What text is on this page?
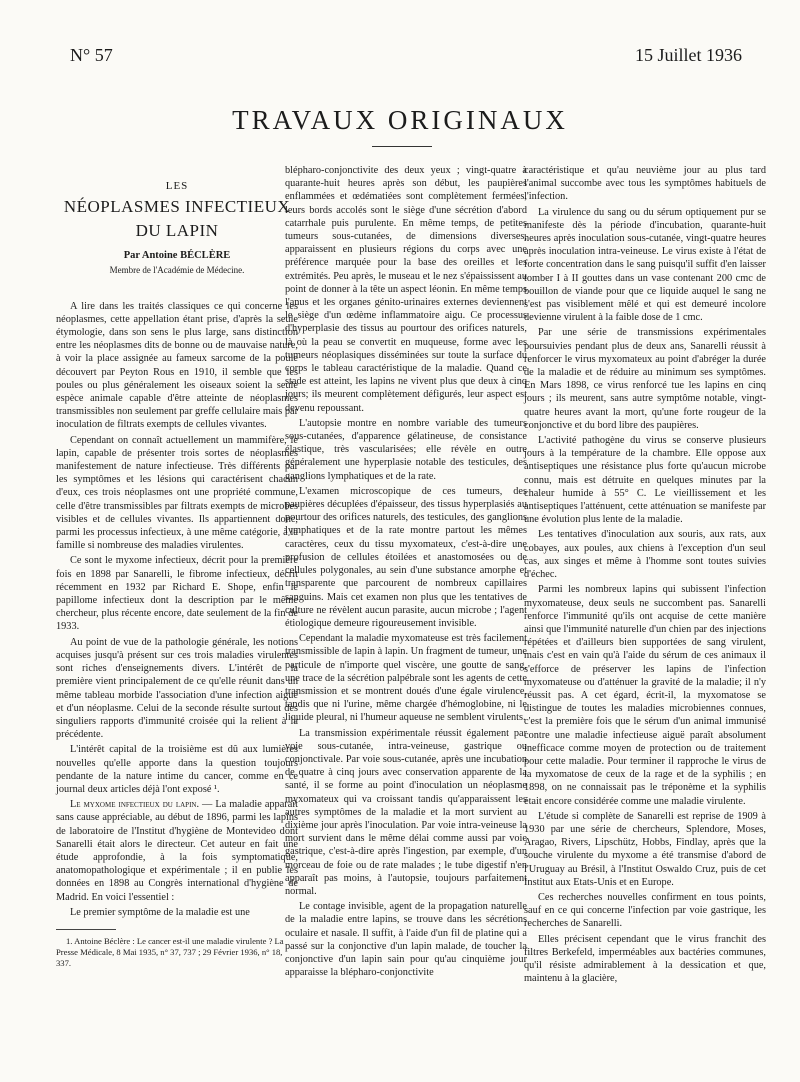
N° 57	15 Juillet 1936
TRAVAUX ORIGINAUX
LES
NÉOPLASMES INFECTIEUX
DU LAPIN
Par Antoine BÉCLÈRE
Membre de l'Académie de Médecine.

A lire dans les traités classiques ce qui concerne les néoplasmes, cette appellation étant prise, d'après la seule étymologie, dans son sens le plus large, sans distinction entre les néoplasmes dits de bonne ou de mauvaise nature, à voir la place assignée au fameux sarcome de la poule découvert par Peyton Rous en 1910, il semble que les poules ou plus généralement les oiseaux soient la seule espèce animale capable d'être atteinte de néoplasmes transmissibles non seulement par greffe cellulaire mais par inoculation de filtrats exempts de cellules vivantes.

Cependant on connaît actuellement un mammifère, le lapin, capable de présenter trois sortes de néoplasmes manifestement de nature infectieuse. Très différents par les symptômes et les lésions qui caractérisent chacun d'eux, ces trois néoplasmes ont une propriété commune, celle d'être transmissibles par filtrats exempts de microbes visibles et de cellules vivantes. Ils appartiennent donc, parmi les processus infectieux, à une même catégorie, à la famille si nombreuse des maladies virulentes.

Ce sont le myxome infectieux, décrit pour la première fois en 1898 par Sanarelli, le fibrome infectieux, décrit récemment en 1932 par Richard E. Shope, enfin le papillome infectieux dont la description par le même chercheur, plus récente encore, date seulement de la fin de 1933.

Au point de vue de la pathologie générale, les notions acquises jusqu'à présent sur ces trois maladies virulentes sont riches d'enseignements divers. L'intérêt de la première vient principalement de ce qu'elle réunit dans un même tableau morbide l'association d'une infection aiguë et d'un néoplasme. Celui de la seconde résulte surtout des singuliers rapports d'immunité croisée qui la relient à la précédente.

L'intérêt capital de la troisième est dû aux lumières nouvelles qu'elle apporte dans la question toujours pendante de la nature intime du cancer, comme en ce journal deux articles déjà l'ont exposé ¹.

Le myxome infectieux du lapin. — La maladie apparaît sans cause appréciable, au début de 1896, parmi les lapins de laboratoire de l'Institut d'hygiène de Montevideo dont Sanarelli était alors le directeur. Cet auteur en fait une étude approfondie, à la fois symptomatique, anatomopathologique et expérimentale ; il en publie les données en 1898 au Congrès international d'hygiène de Madrid. En voici l'essentiel :

Le premier symptôme de la maladie est une

1. Antoine Béclère : Le cancer est-il une maladie virulente ? La Presse Médicale, 8 Mai 1935, n° 37, 737 ; 29 Février 1936, n° 18, 337.

blépharo-conjonctivite des deux yeux ; vingt-quatre à quarante-huit heures après son début, les paupières enflammées et œdématiées sont complètement fermées, leurs bords accolés sont le siège d'une sécrétion d'abord catarrhale puis purulente. En même temps, de petites tumeurs sous-cutanées, de dimensions diverses, apparaissent en plusieurs régions du corps avec une préférence marquée pour la base des oreilles et les extrémités. Peu après, le museau et le nez s'épaississent au point de donner à la tête un aspect léonin. En même temps l'anus et les organes génito-urinaires externes deviennent le siège d'un œdème inflammatoire aigu. Ce processus d'hyperplasie des tissus au pourtour des orifices naturels, là où la peau se convertit en muqueuse, forme avec les tumeurs néoplasiques disséminées sur toute la surface du corps le tableau caractéristique de la maladie. Quand ce stade est atteint, les lapins ne vivent plus que deux à cinq jours; ils meurent complètement défigurés, leur aspect est devenu repoussant.

L'autopsie montre en nombre variable des tumeurs sous-cutanées, d'apparence gélatineuse, de consistance élastique, très vascularisées; elle révèle en outre généralement une hyperplasie notable des testicules, des ganglions lymphatiques et de la rate.

L'examen microscopique de ces tumeurs, des paupières décuplées d'épaisseur, des tissus hyperplasiés au pourtour des orifices naturels, des testicules, des ganglions lymphatiques et de la rate montre partout les mêmes caractères, ceux du tissu myxomateux, c'est-à-dire une profusion de cellules étoilées et anastomosées ou de cellules polygonales, au sein d'une substance amorphe et transparente que parcourent de nombreux capillaires sanguins. Mais cet examen non plus que les tentatives de culture ne révèlent aucun parasite, aucun microbe ; l'agent étiologique demeure rigoureusement invisible.

Cependant la maladie myxomateuse est très facilement transmissible de lapin à lapin. Un fragment de tumeur, une particule de n'importe quel viscère, une goutte de sang, une trace de la sécrétion palpébrale sont les agents de cette transmission et se montrent doués d'une égale virulence, tandis que ni l'urine, même chargée d'hémoglobine, ni le liquide pleural, ni l'humeur aqueuse ne semblent virulents.

La transmission expérimentale réussit également par voie sous-cutanée, intra-veineuse, gastrique ou conjonctivale. Par voie sous-cutanée, après une incubation de quatre à cinq jours avec conservation apparente de la santé, il se forme au point d'inoculation un néoplasme myxomateux qui va croissant tandis qu'apparaissent les autres symptômes de la maladie et la mort survient au dixième jour après l'inoculation. Par voie intra-veineuse la mort survient dans le même délai comme aussi par voie gastrique, c'est-à-dire après l'ingestion, par exemple, d'un morceau de foie ou de rate malades ; le tube digestif n'en apparaît pas moins, à l'autopsie, toujours parfaitement normal.

Le contage invisible, agent de la propagation naturelle de la maladie entre lapins, se trouve dans les sécrétions oculaire et nasale. Il suffit, à l'aide d'un fil de platine qui a passé sur la conjonctive d'un lapin malade, de toucher la conjonctive d'un lapin sain pour qu'au cinquième jour apparaisse la blépharo-conjonctivite

caractéristique et qu'au neuvième jour au plus tard l'animal succombe avec tous les symptômes habituels de l'infection.

La virulence du sang ou du sérum optiquement pur se manifeste dès la période d'incubation, quarante-huit heures après inoculation sous-cutanée, vingt-quatre heures après inoculation intra-veineuse. Le virus existe à l'état de forte concentration dans le sang puisqu'il suffit d'en laisser tomber I à II gouttes dans un vase contenant 200 cmc de bouillon de viande pour que ce liquide auquel le sang ne s'est pas visiblement mêlé et qui est demeuré incolore devienne virulent à la faible dose de 1 cmc.

Par une série de transmissions expérimentales poursuivies pendant plus de deux ans, Sanarelli réussit à renforcer le virus myxomateux au point d'abréger la durée de la maladie et de réduire au minimum ses symptômes. En Mars 1898, ce virus renforcé tue les lapins en cinq jours ; ils meurent, sans autre symptôme notable, vingt-quatre heures avant la mort, qu'une forte rougeur de la conjonctive et du bord libre des paupières.

L'activité pathogène du virus se conserve plusieurs jours à la température de la chambre. Elle oppose aux antiseptiques une résistance plus forte qu'aucun microbe connu, mais est détruite en quelques minutes par la chaleur humide à 55° C. Le vieillissement et les antiseptiques l'atténuent, cette atténuation se manifeste par une évolution plus lente de la maladie.

Les tentatives d'inoculation aux souris, aux rats, aux cobayes, aux poules, aux chiens à l'exception d'un seul cas, aux singes et même à l'homme sont toutes suivies d'échec.

Parmi les nombreux lapins qui subissent l'infection myxomateuse, deux seuls ne succombent pas. Sanarelli renforce l'immunité qu'ils ont acquise de cette manière ainsi que l'immunité naturelle d'un chien par des injections répétées et d'ailleurs bien supportées de sang virulent, mais c'est en vain qu'à l'aide du sérum de ces animaux il s'efforce de préserver les lapins de l'infection myxomateuse ou d'atténuer la gravité de la maladie; il n'y réussit pas. A cet égard, écrit-il, la myxomatose se distingue de toutes les maladies microbiennes connues, c'est la première fois que le sérum d'un animal immunisé contre une maladie infectieuse aiguë paraît absolument inefficace comme moyen de protection ou de traitement pour cette maladie. Pour terminer il rapproche le virus de la myxomatose de ceux de la rage et de la syphilis ; en 1898, on ne connaissait pas le tréponème et la syphilis était encore considérée comme une maladie virulente.

L'étude si complète de Sanarelli est reprise de 1909 à 1930 par une série de chercheurs, Splendore, Moses, Aragao, Rivers, Lipschütz, Hobbs, Findlay, après que la souche virulente du myxome a été transmise d'abord de l'Uruguay au Brésil, à l'Institut Oswaldo Cruz, puis de cet Institut aux Etats-Unis et en Europe.

Ces recherches nouvelles confirment en tous points, sauf en ce qui concerne l'infection par voie gastrique, les recherches de Sanarelli.

Elles précisent cependant que le virus franchit des filtres Berkefeld, imperméables aux bactéries communes, qu'il résiste admirablement à la dessication et que, maintenu à la glacière,
